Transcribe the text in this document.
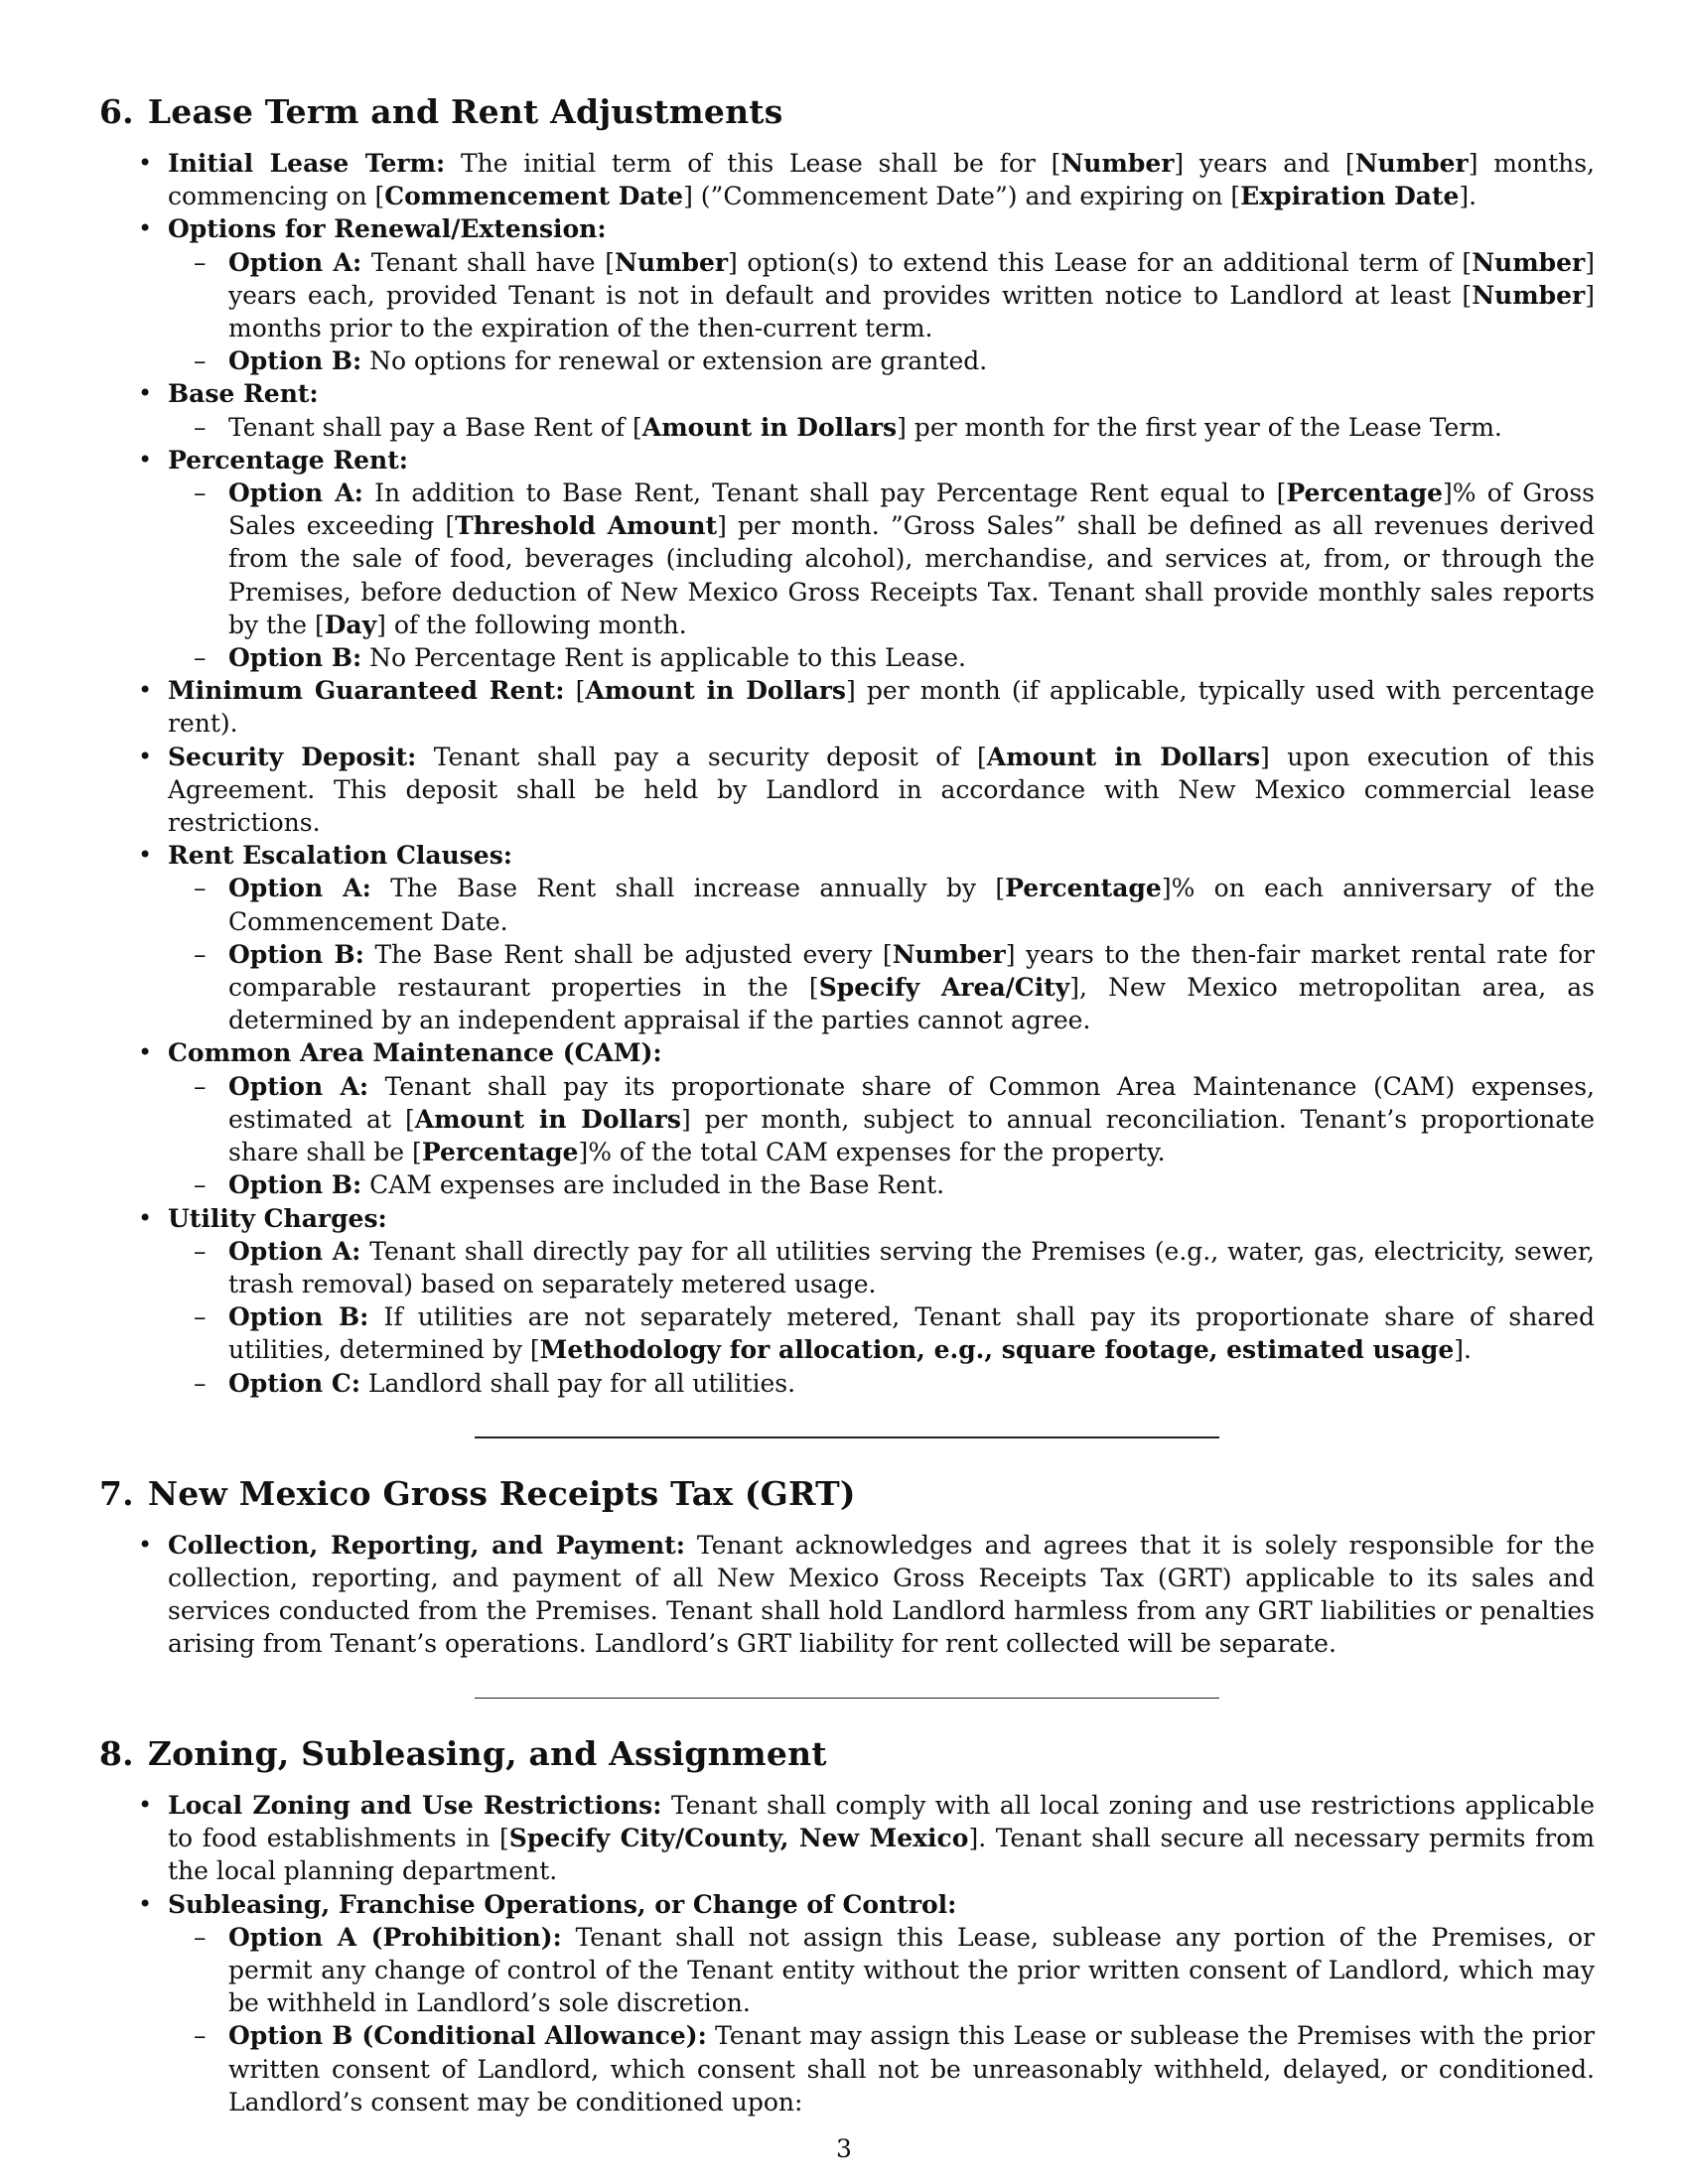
6. Lease Term and Rent Adjustments
• Initial Lease Term: The initial term of this Lease shall be for [Number] years and [Number] months, commencing on [Commencement Date] (”Commencement Date”) and expiring on [Expiration Date].
• Options for Renewal/Extension:
– Option A: Tenant shall have [Number] option(s) to extend this Lease for an additional term of [Number] years each, provided Tenant is not in default and provides written notice to Landlord at least [Number] months prior to the expiration of the then-current term.
– Option B: No options for renewal or extension are granted.
• Base Rent:
– Tenant shall pay a Base Rent of [Amount in Dollars] per month for the first year of the Lease Term.
• Percentage Rent:
– Option A: In addition to Base Rent, Tenant shall pay Percentage Rent equal to [Percentage]% of Gross Sales exceeding [Threshold Amount] per month. ”Gross Sales” shall be defined as all revenues derived from the sale of food, beverages (including alcohol), merchandise, and services at, from, or through the Premises, before deduction of New Mexico Gross Receipts Tax. Tenant shall provide monthly sales reports by the [Day] of the following month.
– Option B: No Percentage Rent is applicable to this Lease.
• Minimum Guaranteed Rent: [Amount in Dollars] per month (if applicable, typically used with percentage rent).
• Security Deposit: Tenant shall pay a security deposit of [Amount in Dollars] upon execution of this Agreement. This deposit shall be held by Landlord in accordance with New Mexico commercial lease restrictions.
• Rent Escalation Clauses:
– Option A: The Base Rent shall increase annually by [Percentage]% on each anniversary of the Commencement Date.
– Option B: The Base Rent shall be adjusted every [Number] years to the then-fair market rental rate for comparable restaurant properties in the [Specify Area/City], New Mexico metropolitan area, as determined by an independent appraisal if the parties cannot agree.
• Common Area Maintenance (CAM):
– Option A: Tenant shall pay its proportionate share of Common Area Maintenance (CAM) expenses, estimated at [Amount in Dollars] per month, subject to annual reconciliation. Tenant’s proportionate share shall be [Percentage]% of the total CAM expenses for the property.
– Option B: CAM expenses are included in the Base Rent.
• Utility Charges:
– Option A: Tenant shall directly pay for all utilities serving the Premises (e.g., water, gas, electricity, sewer, trash removal) based on separately metered usage.
– Option B: If utilities are not separately metered, Tenant shall pay its proportionate share of shared utilities, determined by [Methodology for allocation, e.g., square footage, estimated usage].
– Option C: Landlord shall pay for all utilities.
7. New Mexico Gross Receipts Tax (GRT)
• Collection, Reporting, and Payment: Tenant acknowledges and agrees that it is solely responsible for the collection, reporting, and payment of all New Mexico Gross Receipts Tax (GRT) applicable to its sales and services conducted from the Premises. Tenant shall hold Landlord harmless from any GRT liabilities or penalties arising from Tenant’s operations. Landlord’s GRT liability for rent collected will be separate.
8. Zoning, Subleasing, and Assignment
• Local Zoning and Use Restrictions: Tenant shall comply with all local zoning and use restrictions applicable to food establishments in [Specify City/County, New Mexico]. Tenant shall secure all necessary permits from the local planning department.
• Subleasing, Franchise Operations, or Change of Control:
– Option A (Prohibition): Tenant shall not assign this Lease, sublease any portion of the Premises, or permit any change of control of the Tenant entity without the prior written consent of Landlord, which may be withheld in Landlord’s sole discretion.
– Option B (Conditional Allowance): Tenant may assign this Lease or sublease the Premises with the prior written consent of Landlord, which consent shall not be unreasonably withheld, delayed, or conditioned. Landlord’s consent may be conditioned upon:
3
